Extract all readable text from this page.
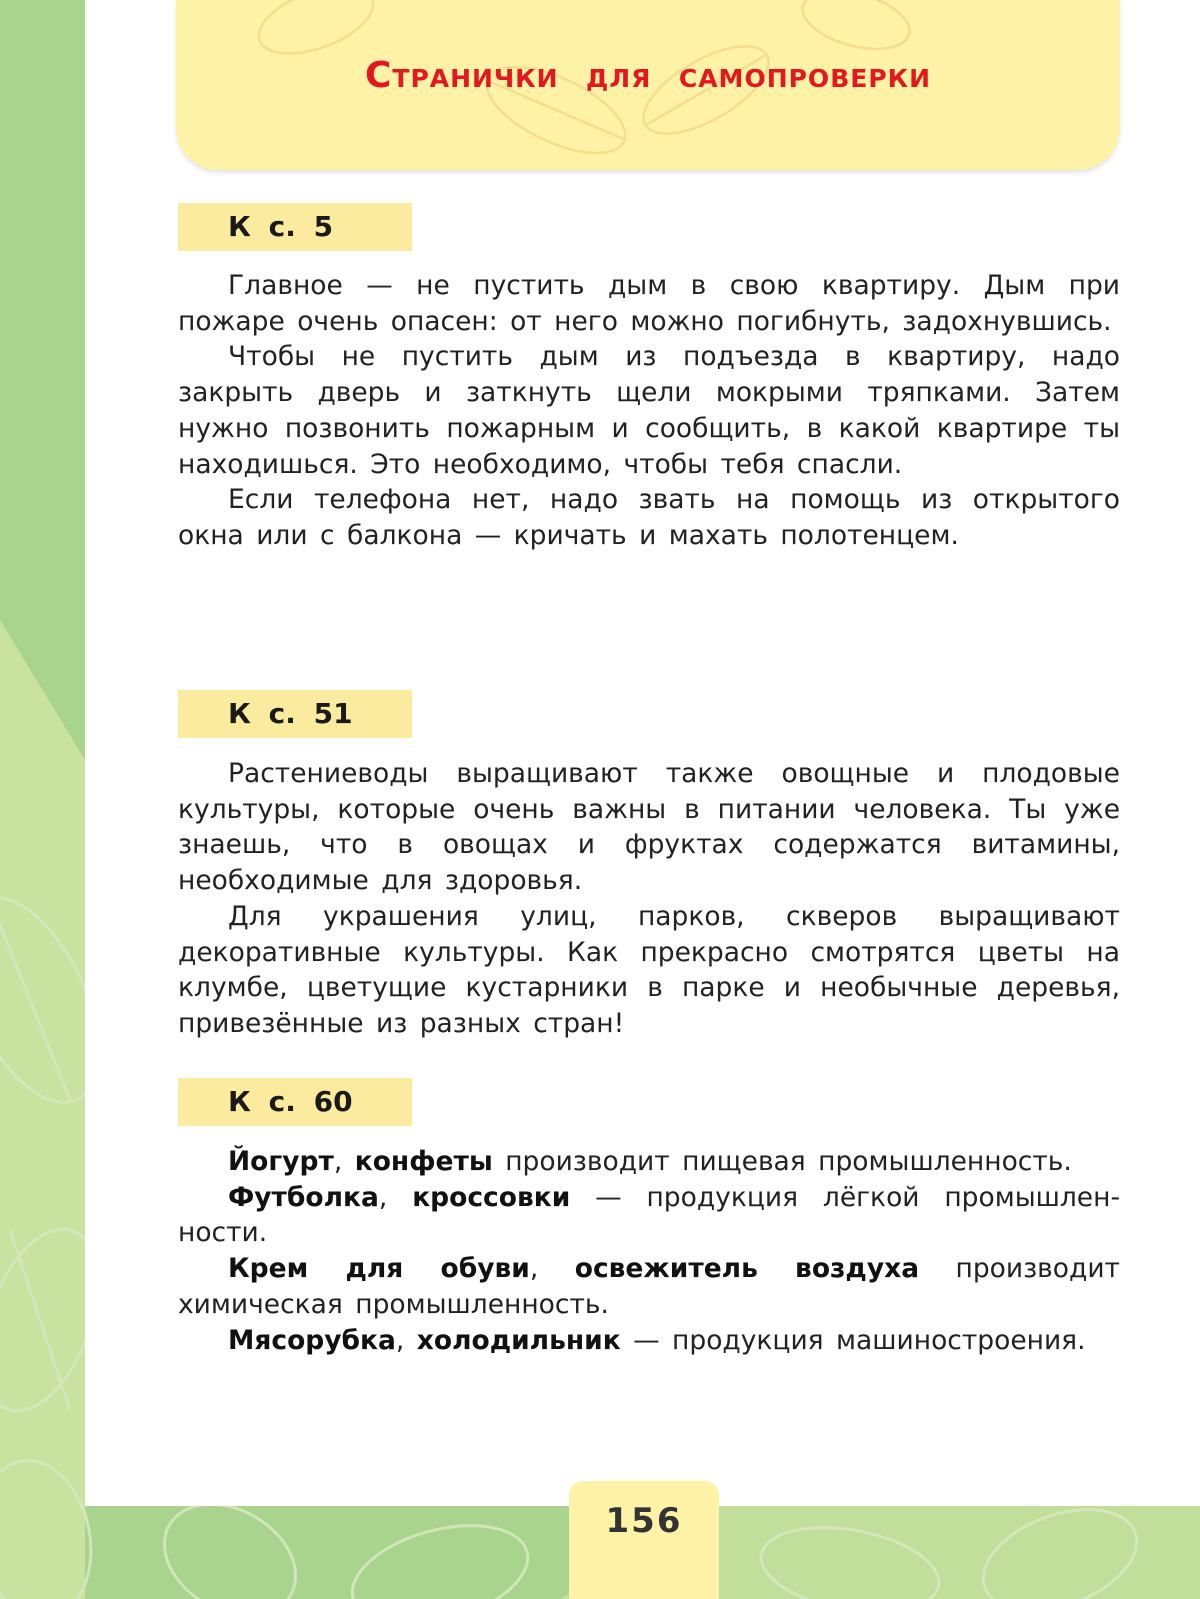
Странички для самопроверки
К с. 5

Главное — не пустить дым в свою квартиру. Дым при пожаре очень опасен: от него можно погибнуть, задохнувшись.

Чтобы не пустить дым из подъезда в квартиру, надо закрыть дверь и заткнуть щели мокрыми тряпками. Затем нужно позвонить пожарным и сообщить, в какой квартире ты находишься. Это необходимо, чтобы тебя спасли.

Если телефона нет, надо звать на помощь из открытого окна или с балкона — кричать и махать полотенцем.

К с. 51

Растениеводы выращивают также овощные и плодовые культуры, которые очень важны в питании человека. Ты уже знаешь, что в овощах и фруктах содержатся витамины, необходимые для здоровья.

Для украшения улиц, парков, скверов выращивают декоративные культуры. Как прекрасно смотрятся цветы на клумбе, цветущие кустарники в парке и необычные деревья, привезённые из разных стран!

К с. 60

Йогурт, конфеты производит пищевая промышленность.

Футболка, кроссовки — продукция лёгкой промышленности.

Крем для обуви, освежитель воздуха производит химическая промышленность.

Мясорубка, холодильник — продукция машиностроения.

156
